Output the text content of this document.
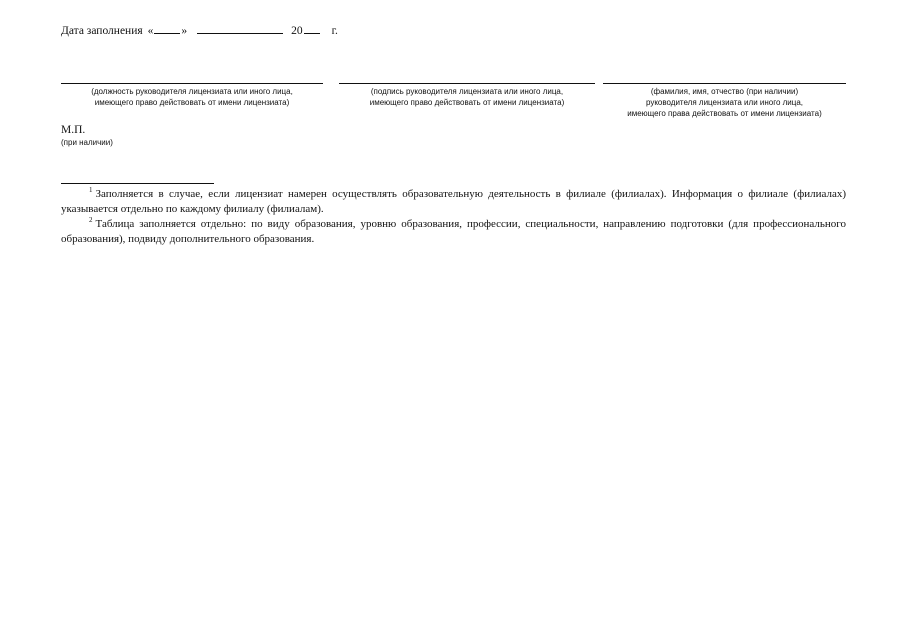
Дата заполнения « »	20	г.
(должность руководителя лицензиата или иного лица,
имеющего право действовать от имени лицензиата)
(подпись руководителя лицензиата или иного лица,
имеющего право действовать от имени лицензиата)
(фамилия, имя, отчество (при наличии)
руководителя лицензиата или иного лица,
имеющего права действовать от имени лицензиата)
М.П.
(при наличии)

$^1$ Заполняется в случае, если лицензиат намерен осуществлять образовательную деятельность в филиале (филиалах). Информация о филиале (филиалах) указывается отдельно по каждому филиалу (филиалам).

$^2$ Таблица заполняется отдельно: по виду образования, уровню образования, профессии, специальности, направлению подготовки (для профессионального образования), подвиду дополнительного образования.
